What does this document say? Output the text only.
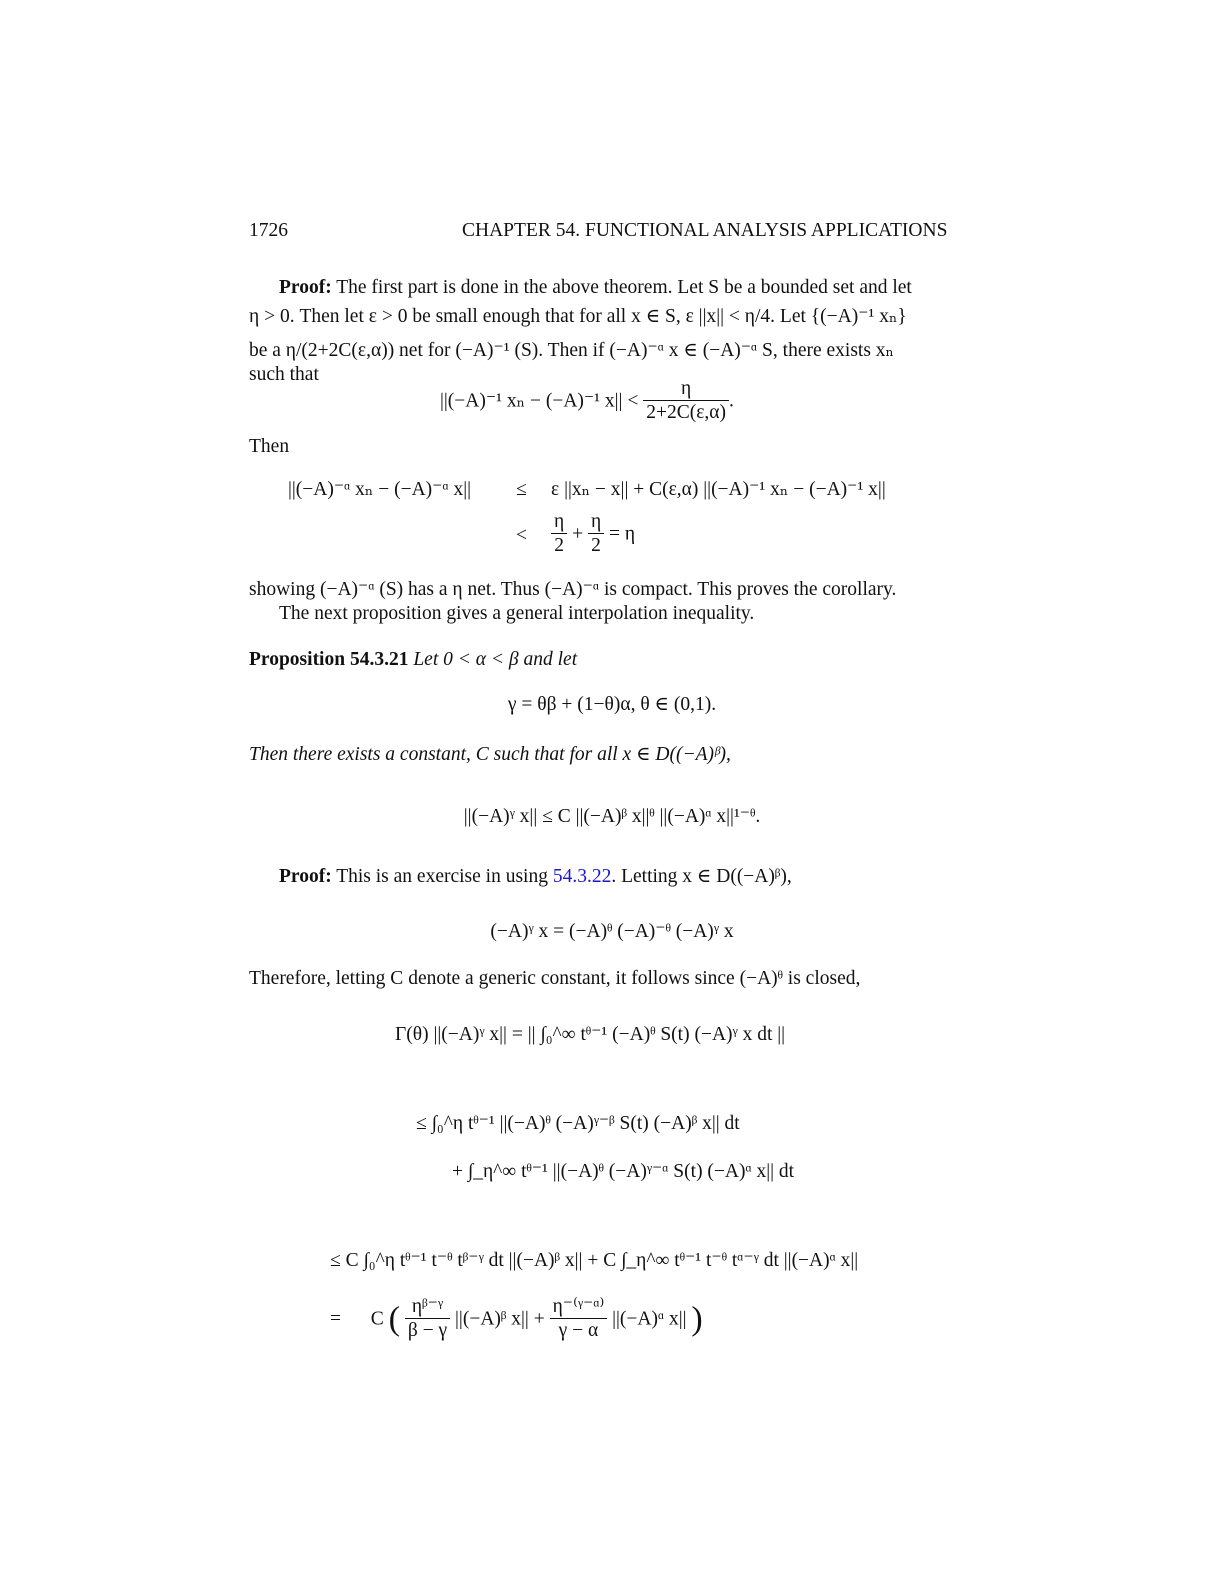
1726	CHAPTER 54. FUNCTIONAL ANALYSIS APPLICATIONS
Proof: The first part is done in the above theorem. Let S be a bounded set and let
η > 0. Then let ε > 0 be small enough that for all x ∈ S, ε ||x|| < η/4. Let {(−A)⁻¹ xₙ}
be a η/(2+2C(ε,α)) net for (−A)⁻¹ (S). Then if (−A)⁻ᵅ x ∈ (−A)⁻ᵅ S, there exists xₙ
such that
||(−A)⁻¹ xₙ − (−A)⁻¹ $x|| < \frac{\eta}{2+2C(\varepsilon,\alpha)}$ .
Then
||(−A)⁻ᵅ xₙ − (−A)⁻ᵅ x|| ≤ ε ||xₙ − x|| + C(ε,α) ||(−A)⁻¹ xₙ − (−A)⁻¹ x||
< $\frac{\eta}{2} + \frac{\eta}{2} = \eta$
showing (−A)⁻ᵅ (S) has a η net. Thus (−A)⁻ᵅ is compact. This proves the corollary.
The next proposition gives a general interpolation inequality.
Proposition 54.3.21 Let 0 < α < β and let
γ = θβ + (1−θ)α, θ ∈ (0,1).
Then there exists a constant, C such that for all x ∈ D((−A)ᵝ),
||(−A)ᵞ x|| ≤ C ||(−A)ᵝ x||ᶿ ||(−A)ᵅ x||¹⁻ᶿ.
Proof: This is an exercise in using 54.3.22. Letting x ∈ D((−A)ᵝ),
(−A)ᵞ x = (−A)ᶿ (−A)⁻ᶿ (−A)ᵞ x
Therefore, letting C denote a generic constant, it follows since (−A)ᶿ is closed,
Γ(θ) ||(−A)ᵞ x|| = || ∫₀^∞ tᶿ⁻¹ (−A)ᶿ S(t) (−A)ᵞ x dt ||
≤ ∫₀^η tᶿ⁻¹ ||(−A)ᶿ (−A)ᵞ⁻ᵝ S(t) (−A)ᵝ x|| dt
+ ∫_η^∞ tᶿ⁻¹ ||(−A)ᶿ (−A)ᵞ⁻ᵅ S(t) (−A)ᵅ x|| dt
≤ C ∫₀^η tᶿ⁻¹ t⁻ᶿ tᵝ⁻ᵞ dt ||(−A)ᵝ x|| + C ∫_η^∞ tᶿ⁻¹ t⁻ᶿ tᵅ⁻ᵞ dt ||(−A)ᵅ x||
= C ( $\frac{\text{ηᵝ⁻ᵞ}}{\beta - \gamma}$ ||(−A)ᵝ $x|| + \frac{\text{η⁻⁽ᵞ⁻ᵅ⁾}}{\gamma - \alpha}$ ||(−A)ᵅ x|| )
